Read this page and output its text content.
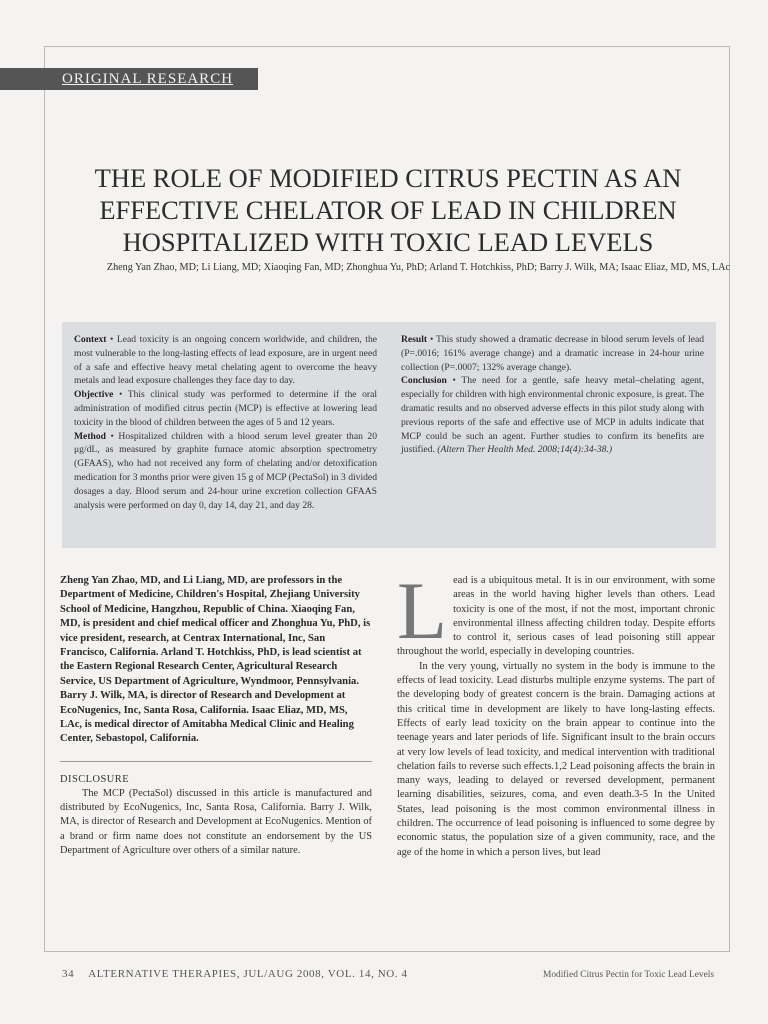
ORIGINAL RESEARCH
THE ROLE OF MODIFIED CITRUS PECTIN AS AN EFFECTIVE CHELATOR OF LEAD IN CHILDREN HOSPITALIZED WITH TOXIC LEAD LEVELS
Zheng Yan Zhao, MD; Li Liang, MD; Xiaoqing Fan, MD; Zhonghua Yu, PhD; Arland T. Hotchkiss, PhD; Barry J. Wilk, MA; Isaac Eliaz, MD, MS, LAc

Context • Lead toxicity is an ongoing concern worldwide, and children, the most vulnerable to the long-lasting effects of lead exposure, are in urgent need of a safe and effective heavy metal chelating agent to overcome the heavy metals and lead exposure challenges they face day to day.

Objective • This clinical study was performed to determine if the oral administration of modified citrus pectin (MCP) is effective at lowering lead toxicity in the blood of children between the ages of 5 and 12 years.

Method • Hospitalized children with a blood serum level greater than 20 μg/dL, as measured by graphite furnace atomic absorption spectrometry (GFAAS), who had not received any form of chelating and/or detoxification medication for 3 months prior were given 15 g of MCP (PectaSol) in 3 divided dosages a day. Blood serum and 24-hour urine excretion collection GFAAS analysis were performed on day 0, day 14, day 21, and day 28.

Result • This study showed a dramatic decrease in blood serum levels of lead (P=.0016; 161% average change) and a dramatic increase in 24-hour urine collection (P=.0007; 132% average change).

Conclusion • The need for a gentle, safe heavy metal–chelating agent, especially for children with high environmental chronic exposure, is great. The dramatic results and no observed adverse effects in this pilot study along with previous reports of the safe and effective use of MCP in adults indicate that MCP could be such an agent. Further studies to confirm its benefits are justified. (Altern Ther Health Med. 2008;14(4):34-38.)

Zheng Yan Zhao, MD, and Li Liang, MD, are professors in the Department of Medicine, Children's Hospital, Zhejiang University School of Medicine, Hangzhou, Republic of China. Xiaoqing Fan, MD, is president and chief medical officer and Zhonghua Yu, PhD, is vice president, research, at Centrax International, Inc, San Francisco, California. Arland T. Hotchkiss, PhD, is lead scientist at the Eastern Regional Research Center, Agricultural Research Service, US Department of Agriculture, Wyndmoor, Pennsylvania. Barry J. Wilk, MA, is director of Research and Development at EcoNugenics, Inc, Santa Rosa, California. Isaac Eliaz, MD, MS, LAc, is medical director of Amitabha Medical Clinic and Healing Center, Sebastopol, California.

DISCLOSURE

The MCP (PectaSol) discussed in this article is manufactured and distributed by EcoNugenics, Inc, Santa Rosa, California. Barry J. Wilk, MA, is director of Research and Development at EcoNugenics. Mention of a brand or firm name does not constitute an endorsement by the US Department of Agriculture over others of a similar nature.

Lead is a ubiquitous metal. It is in our environment, with some areas in the world having higher levels than others. Lead toxicity is one of the most, if not the most, important chronic environmental illness affecting children today. Despite efforts to control it, serious cases of lead poisoning still appear throughout the world, especially in developing countries.

In the very young, virtually no system in the body is immune to the effects of lead toxicity. Lead disturbs multiple enzyme systems. The part of the developing body of greatest concern is the brain. Damaging actions at this critical time in development are likely to have long-lasting effects. Effects of early lead toxicity on the brain appear to continue into the teenage years and later periods of life. Significant insult to the brain occurs at very low levels of lead toxicity, and medical intervention with traditional chelation fails to reverse such effects.1,2 Lead poisoning affects the brain in many ways, leading to delayed or reversed development, permanent learning disabilities, seizures, coma, and even death.3-5 In the United States, lead poisoning is the most common environmental illness in children. The occurrence of lead poisoning is influenced to some degree by economic status, the population size of a given community, race, and the age of the home in which a person lives, but lead

34 ALTERNATIVE THERAPIES, JUL/AUG 2008, VOL. 14, NO. 4	Modified Citrus Pectin for Toxic Lead Levels
